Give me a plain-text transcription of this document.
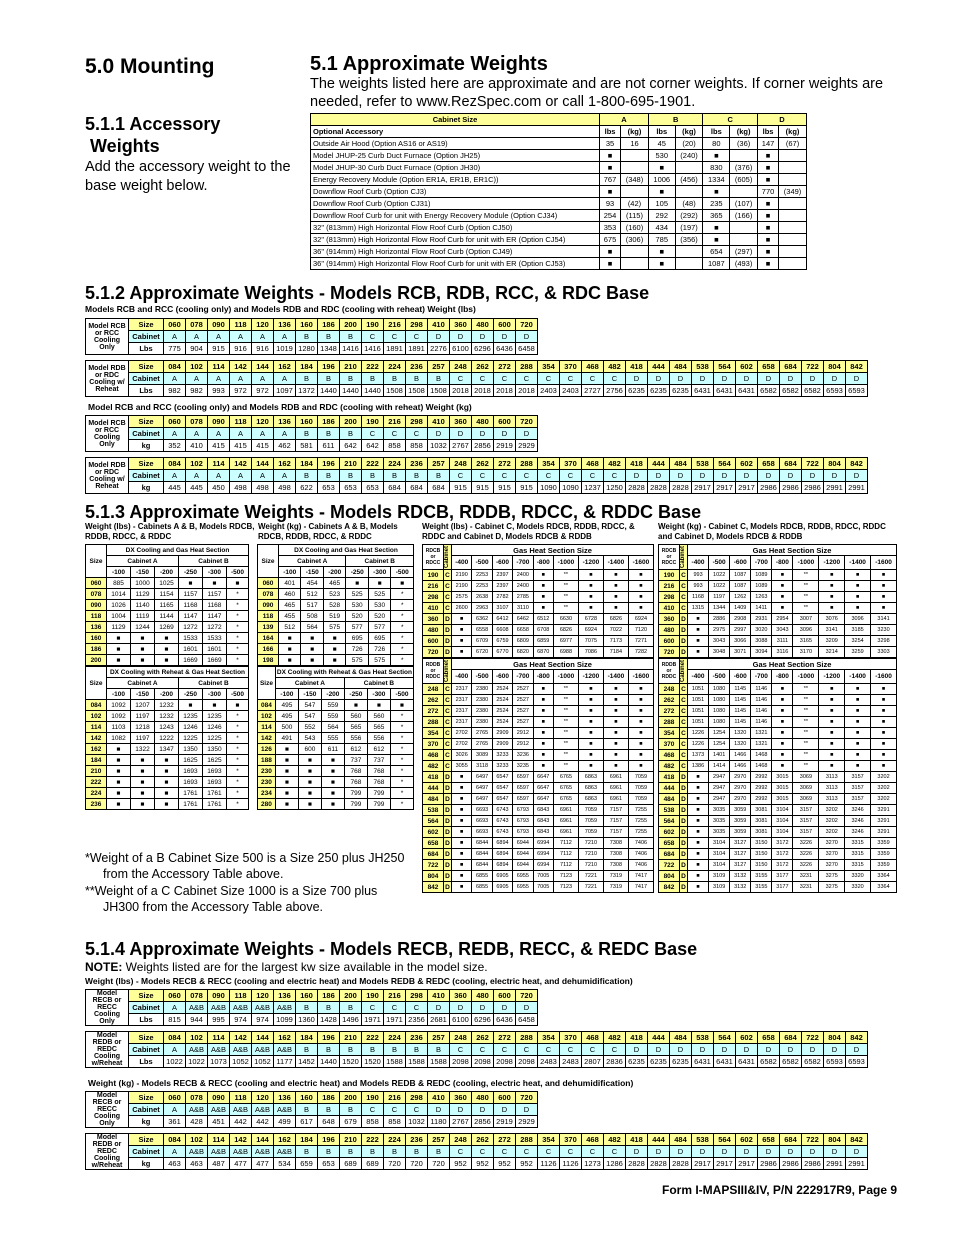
5.0 Mounting
5.1.1 Accessory
Weights
Add the accessory weight to the base weight below.
5.1 Approximate Weights
The weights listed here are approximate and are not corner weights. If corner weights are needed, refer to www.RezSpec.com or call 1-800-695-1901.
Cabinet Size	A		B		C		D	
Optional Accessory	lbs	(kg)	lbs	(kg)	lbs	(kg)	lbs	(kg)
Outside Air Hood (Option AS16 or AS19)	35	16	45	(20)	80	(36)	147	(67)
Model JHUP-25 Curb Duct Furnace (Option JH25)	■		530	(240)	■		■	
Model JHUP-30 Curb Duct Furnace (Option JH30)	■		■		830	(376)	■	
Energy Recovery Module (Option ER1A, ER1B, ER1C))	767	(348)	1006	(456)	1334	(605)	■	
Downflow Roof Curb (Option CJ3)	■		■		■		770	(349)
Downflow Roof Curb (Option CJ31)	93	(42)	105	(48)	235	(107)	■	
Downflow Roof Curb for unit with Energy Recovery Module (Option CJ34)	254	(115)	292	(292)	365	(166)	■	
32" (813mm) High Horizontal Flow Roof Curb (Option CJ50)	353	(160)	434	(197)	■		■	
32" (813mm) High Horizontal Flow Roof Curb for unit with ER (Option CJ54)	675	(306)	785	(356)	■		■	
36" (914mm) High Horizontal Flow Roof Curb (Option CJ49)	■		■		654	(297)	■	
36" (914mm) High Horizontal Flow Roof Curb for unit with ER (Option CJ53)	■		■		1087	(493)	■	
5.1.2 Approximate Weights - Models RCB, RDB, RCC, & RDC Base
Models RCB and RCC (cooling only) and Models RDB and RDC (cooling with reheat) Weight (lbs)
Model RCB or RCC Cooling Only	Size	060	078	090	118	120	136	160	186	200	190	216	298	410	360	480	600	720
	Cabinet	A	A	A	A	A	A	B	B	B	C	C	C	D	D	D	D	D
	Lbs	775	904	915	916	916	1019	1280	1348	1416	1416	1891	1891	2276	6100	6296	6436	6458
Model RDB or RDC Cooling w/ Reheat	Size	084	102	114	142	144	162	184	196	210	222	224	236	257	248	262	272	288	354	370	468	482	418	444	484	538	564	602	658	684	722	804	842
	Cabinet	A	A	A	A	A	A	B	B	B	B	B	B	B	C	C	C	C	C	C	C	C	D	D	D	D	D	D	D	D	D	D	D
	Lbs	982	982	993	972	972	1097	1372	1440	1440	1440	1508	1508	1508	2018	2018	2018	2018	2403	2403	2727	2756	6235	6235	6235	6431	6431	6431	6582	6582	6582	6593	6593
Model RCB and RCC (cooling only) and Models RDB and RDC (cooling with reheat) Weight (kg)
Model RCB or RCC Cooling Only	Size	060	078	090	118	120	136	160	186	200	190	216	298	410	360	480	600	720
	Cabinet	A	A	A	A	A	A	B	B	B	C	C	C	D	D	D	D	D
	kg	352	410	415	415	415	462	581	611	642	642	858	858	1032	2767	2856	2919	2929
Model RDB or RDC Cooling w/ Reheat	Size	084	102	114	142	144	162	184	196	210	222	224	236	257	248	262	272	288	354	370	468	482	418	444	484	538	564	602	658	684	722	804	842
	Cabinet	A	A	A	A	A	A	B	B	B	B	B	B	B	C	C	C	C	C	C	C	C	D	D	D	D	D	D	D	D	D	D	D
	kg	445	445	450	498	498	498	622	653	653	653	684	684	684	915	915	915	915	1090	1090	1237	1250	2828	2828	2828	2917	2917	2917	2986	2986	2986	2991	2991
5.1.3 Approximate Weights - Models RDCB, RDDB, RDCC, & RDDC Base
Weight (lbs) - Cabinets A & B, Models RDCB, RDDB, RDCC, & RDDC
Weight (kg) - Cabinets A & B, Models RDCB, RDDB, RDCC, & RDDC
Weight (lbs) - Cabinet C, Models RDCB, RDDB, RDCC, & RDDC and Cabinet D, Models RDCB & RDDB
Weight (kg) - Cabinet C, Models RDCB, RDDB, RDCC, RDDC and Cabinet D, Models RDCB & RDDB
Size	DX Cooling and Gas Heat Section					
	Cabinet A			Cabinet B		
	-100	-150	-200	-250	-300	-500
060	885	1000	1025	■	■	■
078	1014	1129	1154	1157	1157	*
090	1026	1140	1165	1168	1168	*
118	1004	1119	1144	1147	1147	*
136	1129	1244	1269	1272	1272	*
160	■	■	■	1533	1533	*
186	■	■	■	1601	1601	*
200	■	■	■	1669	1669	*
Size	DX Cooling with Reheat & Gas Heat Section					
	Cabinet A			Cabinet B		
	-100	-150	-200	-250	-300	-500
084	1092	1207	1232	■	■	■
102	1092	1197	1232	1235	1235	*
114	1103	1218	1243	1246	1246	*
142	1082	1197	1222	1225	1225	*
162	■	1322	1347	1350	1350	*
184	■	■	■	1625	1625	*
210	■	■	■	1693	1693	*
222	■	■	■	1693	1693	*
224	■	■	■	1761	1761	*
236	■	■	■	1761	1761	*
Size	DX Cooling and Gas Heat Section					
	Cabinet A			Cabinet B		
	-100	-150	-200	-250	-300	-500
060	401	454	465	■	■	■
078	460	512	523	525	525	*
090	465	517	528	530	530	*
118	455	508	519	520	520	*
139	512	564	575	577	577	*
164	■	■	■	695	695	*
166	■	■	■	726	726	*
198	■	■	■	575	575	*
Size	DX Cooling with Reheat & Gas Heat Section					
	Cabinet A			Cabinet B		
	-100	-150	-200	-250	-300	-500
084	495	547	559	■	■	■
102	495	547	559	560	560	*
114	500	552	564	565	565	*
142	491	543	555	556	556	*
126	■	600	611	612	612	*
188	■	■	■	737	737	*
230	■	■	■	768	768	*
230	■	■	■	768	768	*
234	■	■	■	799	799	*
280	■	■	■	799	799	*
RDCB or RDCC	Cabinet	Gas Heat Section Size								
		-400	-500	-600	-700	-800	-1000	-1200	-1400	-1600
190	C	2190	2253	2397	2400	■	**	■	■	■
216	C	2190	2253	2397	2400	■	**	■	■	■
298	C	2575	2638	2782	2785	■	**	■	■	■
410	C	2600	2963	3107	3110	■	**	■	■	■
360	D	■	6362	6412	6462	6512	6630	6728	6826	6924
480	D	■	6558	6608	6658	6708	6826	6924	7022	7120
600	D	■	6709	6759	6809	6859	6977	7075	7173	7271
720	D	■	6720	6770	6820	6870	6988	7086	7184	7282
RDDB or RDDC	Cabinet	Gas Heat Section Size								
		-400	-500	-600	-700	-800	-1000	-1200	-1400	-1600
248	C	2317	2380	2524	2527	■	**	■	■	■
262	C	2317	2380	2524	2527	■	**	■	■	■
272	C	2317	2380	2524	2527	■	**	■	■	■
288	C	2317	2380	2524	2527	■	**	■	■	■
354	C	2702	2765	2909	2912	■	**	■	■	■
370	C	2702	2765	2909	2912	■	**	■	■	■
468	C	3026	3089	3233	3236	■	**	■	■	■
482	C	3055	3118	3233	3235	■	**	■	■	■
418	D	■	6497	6547	6597	6647	6765	6863	6961	7059
444	D	■	6497	6547	6597	6647	6765	6863	6961	7059
484	D	■	6497	6547	6597	6647	6765	6863	6961	7059
538	D	■	6693	6743	6793	6843	6961	7059	7157	7255
564	D	■	6693	6743	6793	6843	6961	7059	7157	7255
602	D	■	6693	6743	6793	6843	6961	7059	7157	7255
658	D	■	6844	6894	6944	6994	7112	7210	7308	7406
684	D	■	6844	6894	6944	6994	7112	7210	7308	7406
722	D	■	6844	6894	6944	6994	7112	7210	7308	7406
804	D	■	6855	6905	6955	7005	7123	7221	7319	7417
842	D	■	6855	6905	6955	7005	7123	7221	7319	7417
RDCB or RDCC	Cabinet	Gas Heat Section Size								
		-400	-500	-600	-700	-800	-1000	-1200	-1400	-1600
190	C	993	1022	1087	1089	■	**	■	■	■
216	C	993	1022	1087	1089	■	**	■	■	■
298	C	1168	1197	1262	1263	■	**	■	■	■
410	C	1315	1344	1409	1411	■	**	■	■	■
360	D	■	2886	2908	2931	2954	3007	3076	3096	3141
480	D	■	2975	2997	3020	3043	3096	3141	3185	3230
600	D	■	3043	3066	3088	3111	3165	3209	3254	3298
720	D	■	3048	3071	3094	3116	3170	3214	3259	3303
RDDB or RDDC	Cabinet	Gas Heat Section Size								
		-400	-500	-600	-700	-800	-1000	-1200	-1400	-1600
248	C	1051	1080	1145	1146	■	**	■	■	■
262	C	1051	1080	1145	1146	■	**	■	■	■
272	C	1051	1080	1145	1146	■	**	■	■	■
288	C	1051	1080	1145	1146	■	**	■	■	■
354	C	1226	1254	1320	1321	■	**	■	■	■
370	C	1226	1254	1320	1321	■	**	■	■	■
468	C	1373	1401	1466	1468	■	**	■	■	■
482	C	1386	1414	1466	1468	■	**	■	■	■
418	D	■	2947	2970	2992	3015	3069	3113	3157	3202
444	D	■	2947	2970	2992	3015	3069	3113	3157	3202
484	D	■	2947	2970	2992	3015	3069	3113	3157	3202
538	D	■	3035	3059	3081	3104	3157	3202	3246	3291
564	D	■	3035	3059	3081	3104	3157	3202	3246	3291
602	D	■	3035	3059	3081	3104	3157	3202	3246	3291
658	D	■	3104	3127	3150	3172	3226	3270	3315	3359
684	D	■	3104	3127	3150	3172	3226	3270	3315	3359
722	D	■	3104	3127	3150	3172	3226	3270	3315	3359
804	D	■	3109	3132	3155	3177	3231	3275	3320	3364
842	D	■	3109	3132	3155	3177	3231	3275	3320	3364
*Weight of a B Cabinet Size 500 is a Size 250 plus JH250
from the Accessory Table above.
**Weight of a C Cabinet Size 1000 is a Size 700 plus
JH300 from the Accessory Table above.
5.1.4 Approximate Weights - Models RECB, REDB, RECC, & REDC Base
NOTE: Weights listed are for the largest kw size available in the model size.
Weight (lbs) - Models RECB & RECC (cooling and electric heat) and Models REDB & REDC (cooling, electric heat, and dehumidification)
Model RECB or RECC Cooling Only	Size	060	078	090	118	120	136	160	186	200	190	216	298	410	360	480	600	720
	Cabinet	A	A&B	A&B	A&B	A&B	A&B	B	B	B	C	C	C	D	D	D	D	D
	Lbs	815	944	995	974	974	1099	1360	1428	1496	1971	1971	2356	2681	6100	6296	6436	6458
Model REDB or REDC Cooling w/Reheat	Size	084	102	114	142	144	162	184	196	210	222	224	236	257	248	262	272	288	354	370	468	482	418	444	484	538	564	602	658	684	722	804	842
	Cabinet	A	A&B	A&B	A&B	A&B	A&B	B	B	B	B	B	B	B	C	C	C	C	C	C	C	C	D	D	D	D	D	D	D	D	D	D	D
	Lbs	1022	1022	1073	1052	1052	1177	1452	1440	1520	1520	1588	1588	1588	2098	2098	2098	2098	2483	2483	2807	2836	6235	6235	6235	6431	6431	6431	6582	6582	6582	6593	6593
Weight (kg) - Models RECB & RECC (cooling and electric heat) and Models REDB & REDC (cooling, electric heat, and dehumidification)
Model RECB or RECC Cooling Only	Size	060	078	090	118	120	136	160	186	200	190	216	298	410	360	480	600	720
	Cabinet	A	A&B	A&B	A&B	A&B	A&B	B	B	B	C	C	C	D	D	D	D	D
	kg	361	428	451	442	442	499	617	648	679	858	858	1032	1180	2767	2856	2919	2929
Model REDB or REDC Cooling w/Reheat	Size	084	102	114	142	144	162	184	196	210	222	224	236	257	248	262	272	288	354	370	468	482	418	444	484	538	564	602	658	684	722	804	842
	Cabinet	A	A&B	A&B	A&B	A&B	A&B	B	B	B	B	B	B	B	C	C	C	C	C	C	C	C	D	D	D	D	D	D	D	D	D	D	D
	kg	463	463	487	477	477	534	659	653	689	689	720	720	720	952	952	952	952	1126	1126	1273	1286	2828	2828	2828	2917	2917	2917	2986	2986	2986	2991	2991
Form I-MAPSIII&IV, P/N 222917R9, Page 9
